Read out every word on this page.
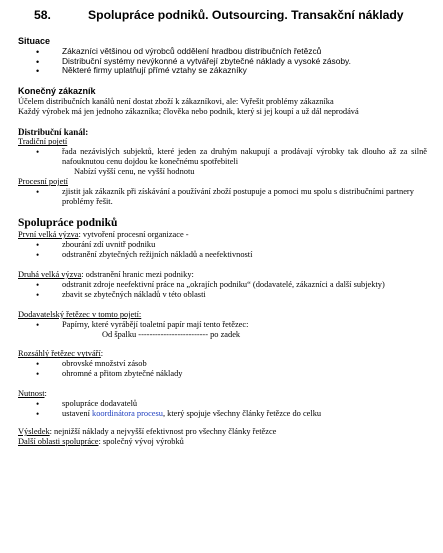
58.	Spolupráce podniků. Outsourcing. Transakční náklady
Situace
• Zákazníci většinou od výrobců oddělení hradbou distribučních řetězců
• Distribuční systémy nevýkonné a vytvářejí zbytečné náklady a vysoké zásoby.
• Některé firmy uplatňují přímé vztahy se zákazníky
Konečný zákazník
Účelem distribučních kanálů není dostat zboží k zákazníkovi, ale: Vyřešit problémy zákazníka
Každý výrobek má jen jednoho zákazníka; člověka nebo podnik, který si jej koupí a už dál neprodává
Distribuční kanál:
Tradiční pojetí
• řada nezávislých subjektů, které jeden za druhým nakupují a prodávají výrobky tak dlouho až za silně nafouknutou cenu dojdou ke konečnému spotřebiteli
Nabízí vyšší cenu, ne vyšší hodnotu
Procesní pojetí
• zjistit jak zákazník při získávání a používání zboží postupuje a pomoci mu spolu s distribučními partnery problémy řešit.
Spolupráce podniků
První velká výzva: vytvoření procesní organizace -
• zbourání zdí uvnitř podniku
• odstranění zbytečných režijních nákladů a neefektivností
Druhá velká výzva: odstranění hranic mezi podniky:
• odstranit zdroje neefektivní práce na „okrajích podniku“ (dodavatelé, zákazníci a další subjekty)
• zbavit se zbytečných nákladů v této oblasti
Dodavatelský řetězec v tomto pojetí:
• Papírny, které vyrábějí toaletní papír mají tento řetězec:
Od špalku ------------------------- po zadek
Rozsáhlý řetězec vytváří:
• obrovské množství zásob
• ohromné a přitom zbytečné náklady
Nutnost:
• spolupráce dodavatelů
• ustavení koordinátora procesu, který spojuje všechny články řetězce do celku
Výsledek: nejnižší náklady a nejvyšší efektivnost pro všechny články řetězce
Další oblasti spolupráce: společný vývoj výrobků
